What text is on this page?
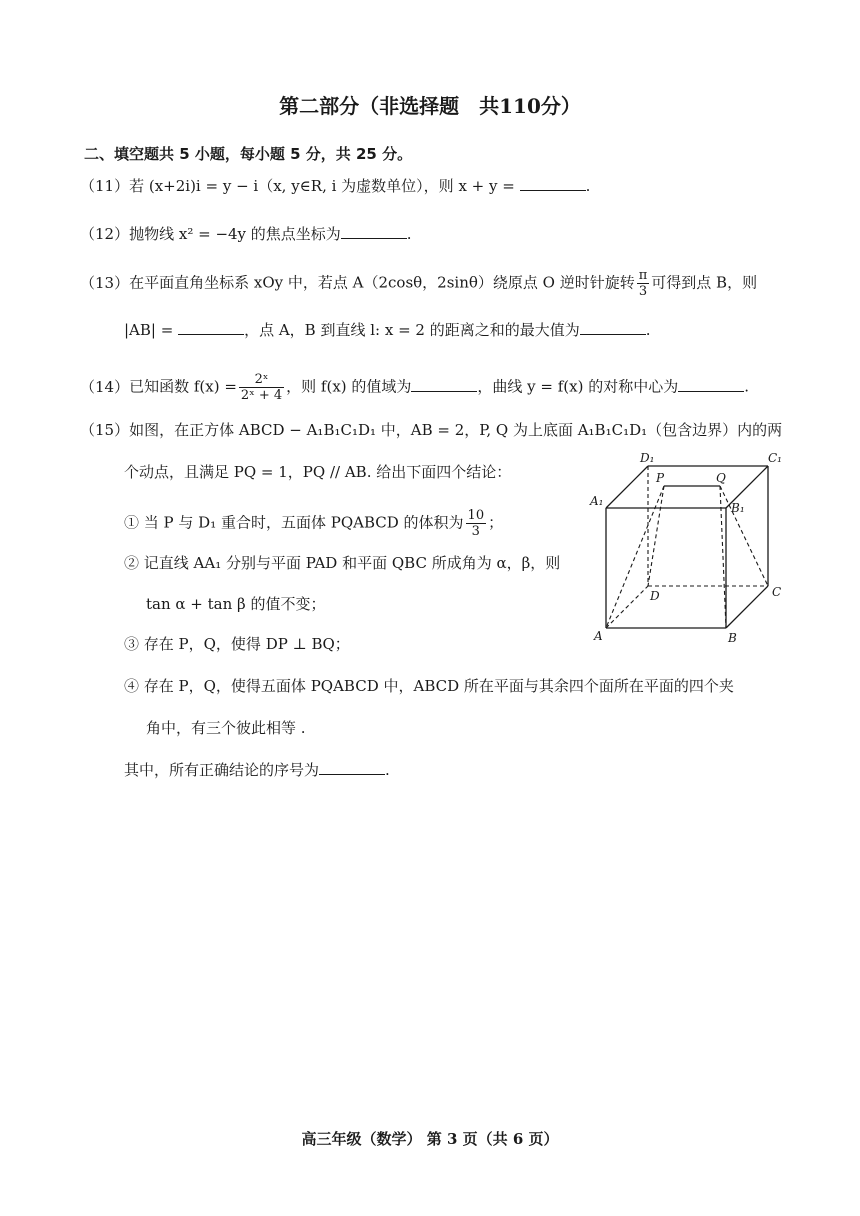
第二部分（非选择题　共110分）
二、填空题共 5 小题，每小题 5 分，共 25 分。
（11）若 (x+2i)i = y − i（x, y∈R, i 为虚数单位），则 x + y =	.
（12）抛物线 x² = −4y 的焦点坐标为	.
（13）在平面直角坐标系 xOy 中，若点 A（2cosθ，2sinθ）绕原点 O 逆时针旋转 $\frac{\pi}{3}$ 可得到点 B，则
|AB| =	，点 A，B 到直线 l: x = 2 的距离之和的最大值为	.
（14）已知函数 $f(x) = \frac{\text{2ˣ}}{\text{2ˣ + 4}}$ ，则 f(x) 的值域为	，曲线 y = f(x) 的对称中心为	.
（15）如图，在正方体 ABCD − A₁B₁C₁D₁ 中，AB = 2，P, Q 为上底面 A₁B₁C₁D₁（包含边界）内的两
个动点，且满足 PQ = 1，PQ // AB. 给出下面四个结论：
① 当 P 与 D₁ 重合时，五面体 PQABCD 的体积为 $\frac{10}{3}$ ；
② 记直线 AA₁ 分别与平面 PAD 和平面 QBC 所成角为 α，β，则
tan α + tan β 的值不变；
③ 存在 P，Q，使得 DP ⊥ BQ；
④ 存在 P，Q，使得五面体 PQABCD 中，ABCD 所在平面与其余四个面所在平面的四个夹
角中，有三个彼此相等 .
其中，所有正确结论的序号为	.
D₁	C₁
A₁	B₁
P	Q
A	B
C
D
高三年级（数学） 第 3 页（共 6 页）
